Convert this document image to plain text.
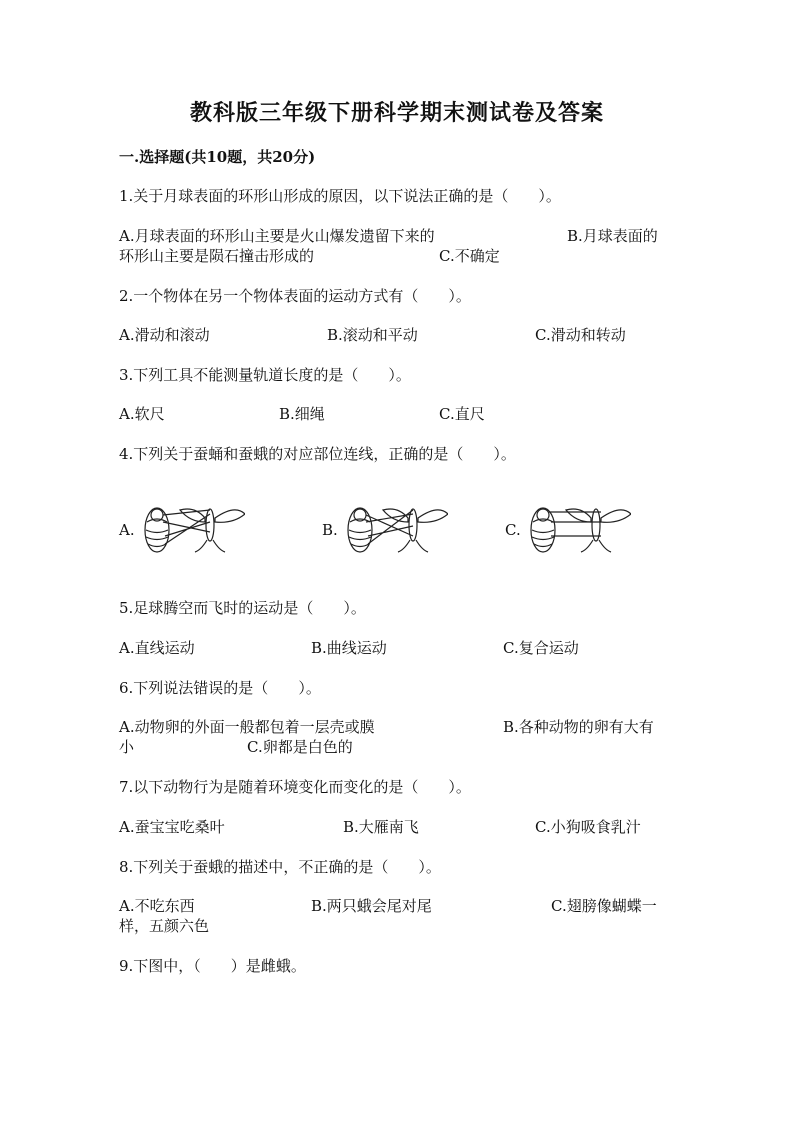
教科版三年级下册科学期末测试卷及答案
一.选择题(共10题，共20分)
1.关于月球表面的环形山形成的原因，以下说法正确的是（　　）。
A.月球表面的环形山主要是火山爆发遗留下来的	B.月球表面的
环形山主要是陨石撞击形成的	C.不确定
2.一个物体在另一个物体表面的运动方式有（　　）。
A.滑动和滚动	B.滚动和平动	C.滑动和转动
3.下列工具不能测量轨道长度的是（　　）。
A.软尺	B.细绳	C.直尺
4.下列关于蚕蛹和蚕蛾的对应部位连线，正确的是（　　）。
A.	B.	C.
5.足球腾空而飞时的运动是（　　）。
A.直线运动	B.曲线运动	C.复合运动
6.下列说法错误的是（　　）。
A.动物卵的外面一般都包着一层壳或膜	B.各种动物的卵有大有
小	C.卵都是白色的
7.以下动物行为是随着环境变化而变化的是（　　）。
A.蚕宝宝吃桑叶	B.大雁南飞	C.小狗吸食乳汁
8.下列关于蚕蛾的描述中，不正确的是（　　）。
A.不吃东西	B.两只蛾会尾对尾	C.翅膀像蝴蝶一
样，五颜六色
9.下图中，（　　）是雌蛾。
